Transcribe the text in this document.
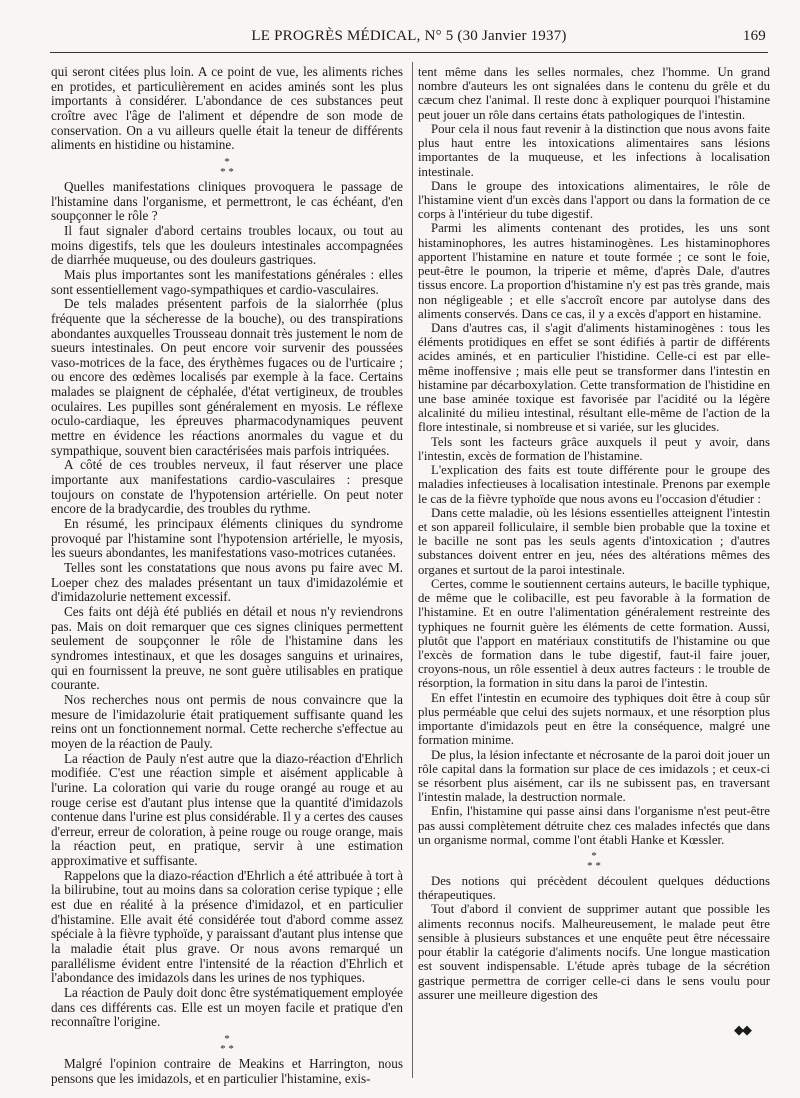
LE PROGRÈS MÉDICAL, N° 5 (30 Janvier 1937)	169

qui seront citées plus loin. A ce point de vue, les aliments riches en protides, et particulièrement en acides aminés sont les plus importants à considérer. L'abondance de ces substances peut croître avec l'âge de l'aliment et dépendre de son mode de conservation. On a vu ailleurs quelle était la teneur de différents aliments en histidine ou histamine.

*
* *

Quelles manifestations cliniques provoquera le passage de l'histamine dans l'organisme, et permettront, le cas échéant, d'en soupçonner le rôle ?

Il faut signaler d'abord certains troubles locaux, ou tout au moins digestifs, tels que les douleurs intestinales accompagnées de diarrhée muqueuse, ou des douleurs gastriques.

Mais plus importantes sont les manifestations générales : elles sont essentiellement vago-sympathiques et cardio-vasculaires.

De tels malades présentent parfois de la sialorrhée (plus fréquente que la sécheresse de la bouche), ou des transpirations abondantes auxquelles Trousseau donnait très justement le nom de sueurs intestinales. On peut encore voir survenir des poussées vaso-motrices de la face, des érythèmes fugaces ou de l'urticaire ; ou encore des œdèmes localisés par exemple à la face. Certains malades se plaignent de céphalée, d'état vertigineux, de troubles oculaires. Les pupilles sont généralement en myosis. Le réflexe oculo-cardiaque, les épreuves pharmacodynamiques peuvent mettre en évidence les réactions anormales du vague et du sympathique, souvent bien caractérisées mais parfois intriquées.

A côté de ces troubles nerveux, il faut réserver une place importante aux manifestations cardio-vasculaires : presque toujours on constate de l'hypotension artérielle. On peut noter encore de la bradycardie, des troubles du rythme.

En résumé, les principaux éléments cliniques du syndrome provoqué par l'histamine sont l'hypotension artérielle, le myosis, les sueurs abondantes, les manifestations vaso-motrices cutanées.

Telles sont les constatations que nous avons pu faire avec M. Loeper chez des malades présentant un taux d'imidazolémie et d'imidazolurie nettement excessif.

Ces faits ont déjà été publiés en détail et nous n'y reviendrons pas. Mais on doit remarquer que ces signes cliniques permettent seulement de soupçonner le rôle de l'histamine dans les syndromes intestinaux, et que les dosages sanguins et urinaires, qui en fournissent la preuve, ne sont guère utilisables en pratique courante.

Nos recherches nous ont permis de nous convaincre que la mesure de l'imidazolurie était pratiquement suffisante quand les reins ont un fonctionnement normal. Cette recherche s'effectue au moyen de la réaction de Pauly.

La réaction de Pauly n'est autre que la diazo-réaction d'Ehrlich modifiée. C'est une réaction simple et aisément applicable à l'urine. La coloration qui varie du rouge orangé au rouge et au rouge cerise est d'autant plus intense que la quantité d'imidazols contenue dans l'urine est plus considérable. Il y a certes des causes d'erreur, erreur de coloration, à peine rouge ou rouge orange, mais la réaction peut, en pratique, servir à une estimation approximative et suffisante.

Rappelons que la diazo-réaction d'Ehrlich a été attribuée à tort à la bilirubine, tout au moins dans sa coloration cerise typique ; elle est due en réalité à la présence d'imidazol, et en particulier d'histamine. Elle avait été considérée tout d'abord comme assez spéciale à la fièvre typhoïde, y paraissant d'autant plus intense que la maladie était plus grave. Or nous avons remarqué un parallélisme évident entre l'intensité de la réaction d'Ehrlich et l'abondance des imidazols dans les urines de nos typhiques.

La réaction de Pauly doit donc être systématiquement employée dans ces différents cas. Elle est un moyen facile et pratique d'en reconnaître l'origine.

*
* *

Malgré l'opinion contraire de Meakins et Harrington, nous pensons que les imidazols, et en particulier l'histamine, exis-

tent même dans les selles normales, chez l'homme. Un grand nombre d'auteurs les ont signalées dans le contenu du grêle et du cæcum chez l'animal. Il reste donc à expliquer pourquoi l'histamine peut jouer un rôle dans certains états pathologiques de l'intestin.

Pour cela il nous faut revenir à la distinction que nous avons faite plus haut entre les intoxications alimentaires sans lésions importantes de la muqueuse, et les infections à localisation intestinale.

Dans le groupe des intoxications alimentaires, le rôle de l'histamine vient d'un excès dans l'apport ou dans la formation de ce corps à l'intérieur du tube digestif.

Parmi les aliments contenant des protides, les uns sont histaminophores, les autres histaminogènes. Les histaminophores apportent l'histamine en nature et toute formée ; ce sont le foie, peut-être le poumon, la triperie et même, d'après Dale, d'autres tissus encore. La proportion d'histamine n'y est pas très grande, mais non négligeable ; et elle s'accroît encore par autolyse dans des aliments conservés. Dans ce cas, il y a excès d'apport en histamine.

Dans d'autres cas, il s'agit d'aliments histaminogènes : tous les éléments protidiques en effet se sont édifiés à partir de différents acides aminés, et en particulier l'histidine. Celle-ci est par elle-même inoffensive ; mais elle peut se transformer dans l'intestin en histamine par décarboxylation. Cette transformation de l'histidine en une base aminée toxique est favorisée par l'acidité ou la légère alcalinité du milieu intestinal, résultant elle-même de l'action de la flore intestinale, si nombreuse et si variée, sur les glucides.

Tels sont les facteurs grâce auxquels il peut y avoir, dans l'intestin, excès de formation de l'histamine.

L'explication des faits est toute différente pour le groupe des maladies infectieuses à localisation intestinale. Prenons par exemple le cas de la fièvre typhoïde que nous avons eu l'occasion d'étudier :

Dans cette maladie, où les lésions essentielles atteignent l'intestin et son appareil folliculaire, il semble bien probable que la toxine et le bacille ne sont pas les seuls agents d'intoxication ; d'autres substances doivent entrer en jeu, nées des altérations mêmes des organes et surtout de la paroi intestinale.

Certes, comme le soutiennent certains auteurs, le bacille typhique, de même que le colibacille, est peu favorable à la formation de l'histamine. Et en outre l'alimentation généralement restreinte des typhiques ne fournit guère les éléments de cette formation. Aussi, plutôt que l'apport en matériaux constitutifs de l'histamine ou que l'excès de formation dans le tube digestif, faut-il faire jouer, croyons-nous, un rôle essentiel à deux autres facteurs : le trouble de résorption, la formation in situ dans la paroi de l'intestin.

En effet l'intestin en ecumoire des typhiques doit être à coup sûr plus perméable que celui des sujets normaux, et une résorption plus importante d'imidazols peut en être la conséquence, malgré une formation minime.

De plus, la lésion infectante et nécrosante de la paroi doit jouer un rôle capital dans la formation sur place de ces imidazols ; et ceux-ci se résorbent plus aisément, car ils ne subissent pas, en traversant l'intestin malade, la destruction normale.

Enfin, l'histamine qui passe ainsi dans l'organisme n'est peut-être pas aussi complètement détruite chez ces malades infectés que dans un organisme normal, comme l'ont établi Hanke et Kœssler.

*
* *

Des notions qui précèdent découlent quelques déductions thérapeutiques.

Tout d'abord il convient de supprimer autant que possible les aliments reconnus nocifs. Malheureusement, le malade peut être sensible à plusieurs substances et une enquête peut être nécessaire pour établir la catégorie d'aliments nocifs. Une longue mastication est souvent indispensable. L'étude après tubage de la sécrétion gastrique permettra de corriger celle-ci dans le sens voulu pour assurer une meilleure digestion des

◆◆
